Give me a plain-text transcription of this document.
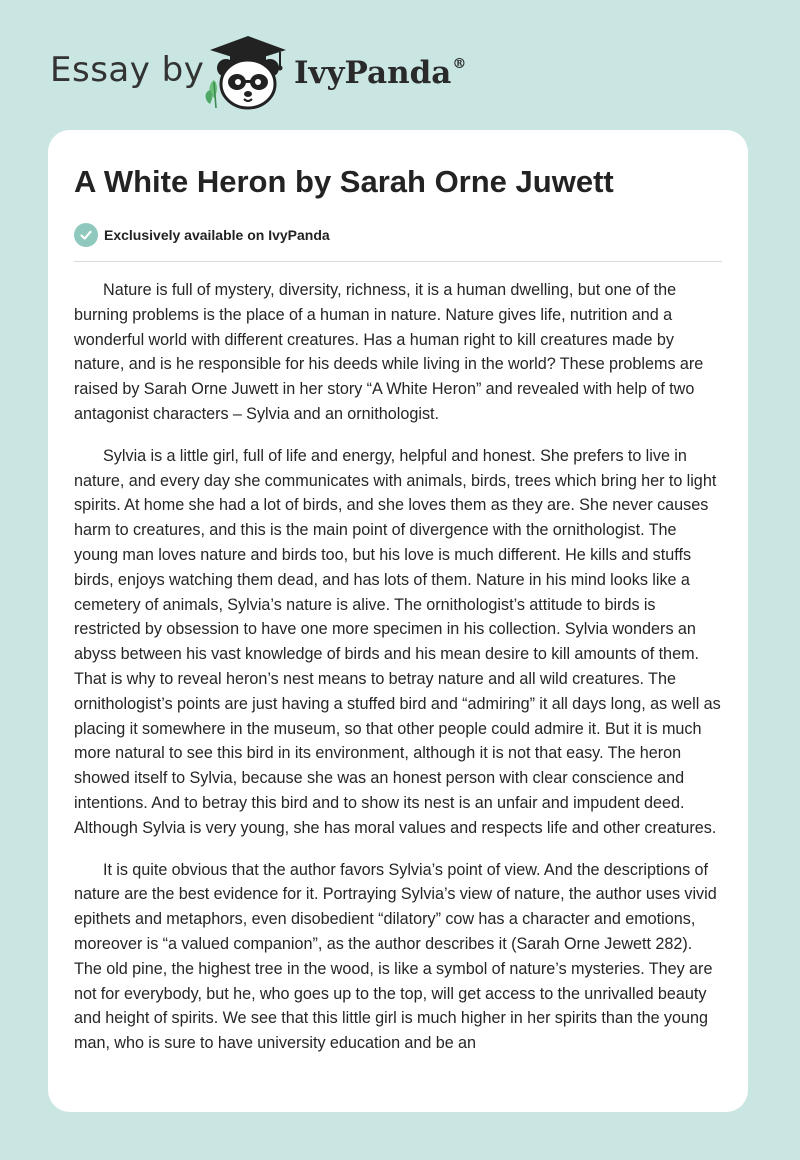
Essay by	IvyPanda®
A White Heron by Sarah Orne Juwett
Exclusively available on IvyPanda

Nature is full of mystery, diversity, richness, it is a human dwelling, but one of the burning problems is the place of a human in nature. Nature gives life, nutrition and a wonderful world with different creatures. Has a human right to kill creatures made by nature, and is he responsible for his deeds while living in the world? These problems are raised by Sarah Orne Juwett in her story “A White Heron” and revealed with help of two antagonist characters – Sylvia and an ornithologist.

Sylvia is a little girl, full of life and energy, helpful and honest. She prefers to live in nature, and every day she communicates with animals, birds, trees which bring her to light spirits. At home she had a lot of birds, and she loves them as they are. She never causes harm to creatures, and this is the main point of divergence with the ornithologist. The young man loves nature and birds too, but his love is much different. He kills and stuffs birds, enjoys watching them dead, and has lots of them. Nature in his mind looks like a cemetery of animals, Sylvia’s nature is alive. The ornithologist’s attitude to birds is restricted by obsession to have one more specimen in his collection. Sylvia wonders an abyss between his vast knowledge of birds and his mean desire to kill amounts of them. That is why to reveal heron’s nest means to betray nature and all wild creatures. The ornithologist’s points are just having a stuffed bird and “admiring” it all days long, as well as placing it somewhere in the museum, so that other people could admire it. But it is much more natural to see this bird in its environment, although it is not that easy. The heron showed itself to Sylvia, because she was an honest person with clear conscience and intentions. And to betray this bird and to show its nest is an unfair and impudent deed. Although Sylvia is very young, she has moral values and respects life and other creatures.

It is quite obvious that the author favors Sylvia’s point of view. And the descriptions of nature are the best evidence for it. Portraying Sylvia’s view of nature, the author uses vivid epithets and metaphors, even disobedient “dilatory” cow has a character and emotions, moreover is “a valued companion”, as the author describes it (Sarah Orne Jewett 282). The old pine, the highest tree in the wood, is like a symbol of nature’s mysteries. They are not for everybody, but he, who goes up to the top, will get access to the unrivalled beauty and height of spirits. We see that this little girl is much higher in her spirits than the young man, who is sure to have university education and be an
